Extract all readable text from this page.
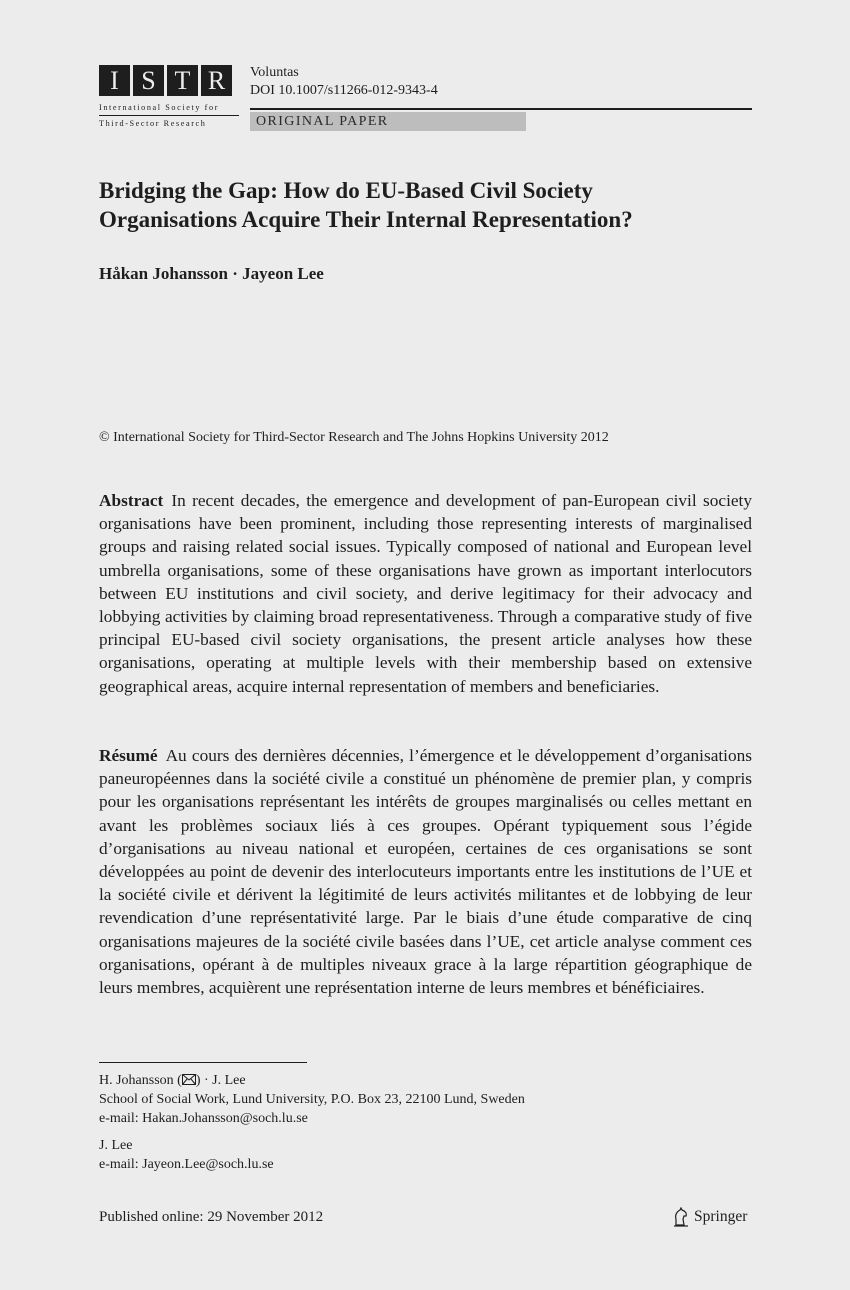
I S T R
International Society for
Third-Sector Research
Voluntas
DOI 10.1007/s11266-012-9343-4
ORIGINAL PAPER
Bridging the Gap: How do EU-Based Civil Society
Organisations Acquire Their Internal Representation?
Håkan Johansson · Jayeon Lee
© International Society for Third-Sector Research and The Johns Hopkins University 2012
Abstract In recent decades, the emergence and development of pan-European civil society organisations have been prominent, including those representing interests of marginalised groups and raising related social issues. Typically composed of national and European level umbrella organisations, some of these organisations have grown as important interlocutors between EU institutions and civil society, and derive legitimacy for their advocacy and lobbying activities by claiming broad representativeness. Through a comparative study of five principal EU-based civil society organisations, the present article analyses how these organisations, operating at multiple levels with their membership based on extensive geographical areas, acquire internal representation of members and beneficiaries.
Résumé Au cours des dernières décennies, l’émergence et le développement d’organisations paneuropéennes dans la société civile a constitué un phénomène de premier plan, y compris pour les organisations représentant les intérêts de groupes marginalisés ou celles mettant en avant les problèmes sociaux liés à ces groupes. Opérant typiquement sous l’égide d’organisations au niveau national et européen, certaines de ces organisations se sont développées au point de devenir des interlocuteurs importants entre les institutions de l’UE et la société civile et dérivent la légitimité de leurs activités militantes et de lobbying de leur revendication d’une représentativité large. Par le biais d’une étude comparative de cinq organisations majeures de la société civile basées dans l’UE, cet article analyse comment ces organisations, opérant à de multiples niveaux grace à la large répartition géographique de leurs membres, acquièrent une représentation interne de leurs membres et bénéficiaires.
H. Johansson ( ) · J. Lee
School of Social Work, Lund University, P.O. Box 23, 22100 Lund, Sweden
e-mail: Hakan.Johansson@soch.lu.se
J. Lee
e-mail: Jayeon.Lee@soch.lu.se
Published online: 29 November 2012	Springer
